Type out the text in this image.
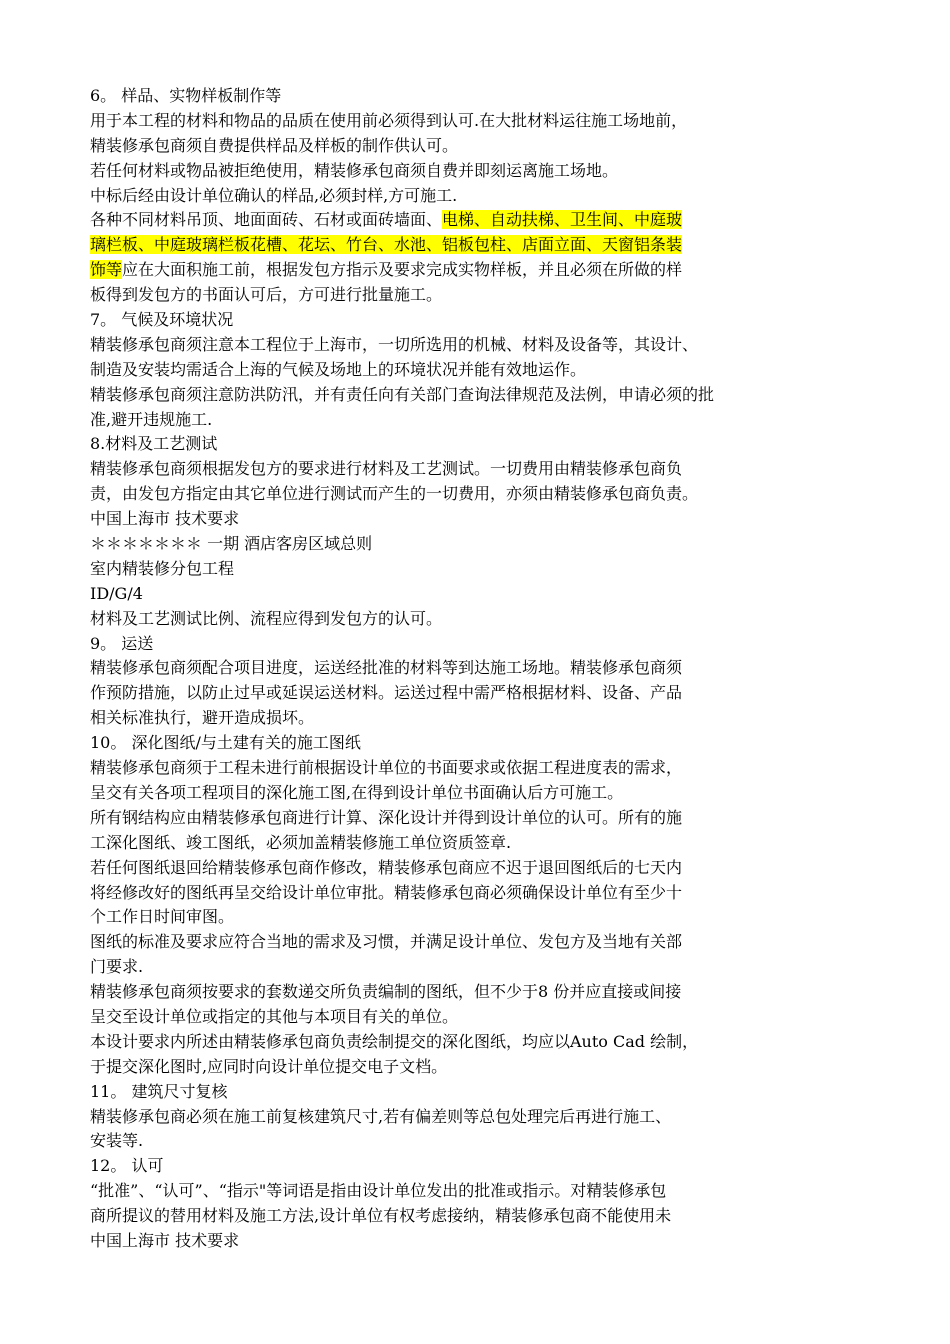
6。 样品、实物样板制作等
用于本工程的材料和物品的品质在使用前必须得到认可.在大批材料运往施工场地前，
精装修承包商须自费提供样品及样板的制作供认可。
若任何材料或物品被拒绝使用，精装修承包商须自费并即刻运离施工场地。
中标后经由设计单位确认的样品,必须封样,方可施工.
各种不同材料吊顶、地面面砖、石材或面砖墙面、电梯、自动扶梯、卫生间、中庭玻
璃栏板、中庭玻璃栏板花槽、花坛、竹台、水池、铝板包柱、店面立面、天窗铝条装
饰等应在大面积施工前，根据发包方指示及要求完成实物样板，并且必须在所做的样
板得到发包方的书面认可后，方可进行批量施工。
7。 气候及环境状况
精装修承包商须注意本工程位于上海市，一切所选用的机械、材料及设备等，其设计、
制造及安装均需适合上海的气候及场地上的环境状况并能有效地运作。
精装修承包商须注意防洪防汛，并有责任向有关部门查询法律规范及法例，申请必须的批
准,避开违规施工.
8.材料及工艺测试
精装修承包商须根据发包方的要求进行材料及工艺测试。一切费用由精装修承包商负
责，由发包方指定由其它单位进行测试而产生的一切费用，亦须由精装修承包商负责。
中国上海市 技术要求
＊＊＊＊＊＊＊ 一期 酒店客房区域总则
室内精装修分包工程
ID/G/4
材料及工艺测试比例、流程应得到发包方的认可。
9。 运送
精装修承包商须配合项目进度，运送经批准的材料等到达施工场地。精装修承包商须
作预防措施，以防止过早或延误运送材料。运送过程中需严格根据材料、设备、产品
相关标准执行，避开造成损坏。
10。 深化图纸/与土建有关的施工图纸
精装修承包商须于工程未进行前根据设计单位的书面要求或依据工程进度表的需求，
呈交有关各项工程项目的深化施工图,在得到设计单位书面确认后方可施工。
所有钢结构应由精装修承包商进行计算、深化设计并得到设计单位的认可。所有的施
工深化图纸、竣工图纸，必须加盖精装修施工单位资质签章.
若任何图纸退回给精装修承包商作修改，精装修承包商应不迟于退回图纸后的七天内
将经修改好的图纸再呈交给设计单位审批。精装修承包商必须确保设计单位有至少十
个工作日时间审图。
图纸的标准及要求应符合当地的需求及习惯，并满足设计单位、发包方及当地有关部
门要求.
精装修承包商须按要求的套数递交所负责编制的图纸，但不少于8 份并应直接或间接
呈交至设计单位或指定的其他与本项目有关的单位。
本设计要求内所述由精装修承包商负责绘制提交的深化图纸，均应以Auto Cad 绘制，
于提交深化图时,应同时向设计单位提交电子文档。
11。 建筑尺寸复核
精装修承包商必须在施工前复核建筑尺寸,若有偏差则等总包处理完后再进行施工、
安装等.
12。 认可
“批准”、“认可”、“指示"等词语是指由设计单位发出的批准或指示。对精装修承包
商所提议的替用材料及施工方法,设计单位有权考虑接纳，精装修承包商不能使用未
中国上海市 技术要求
